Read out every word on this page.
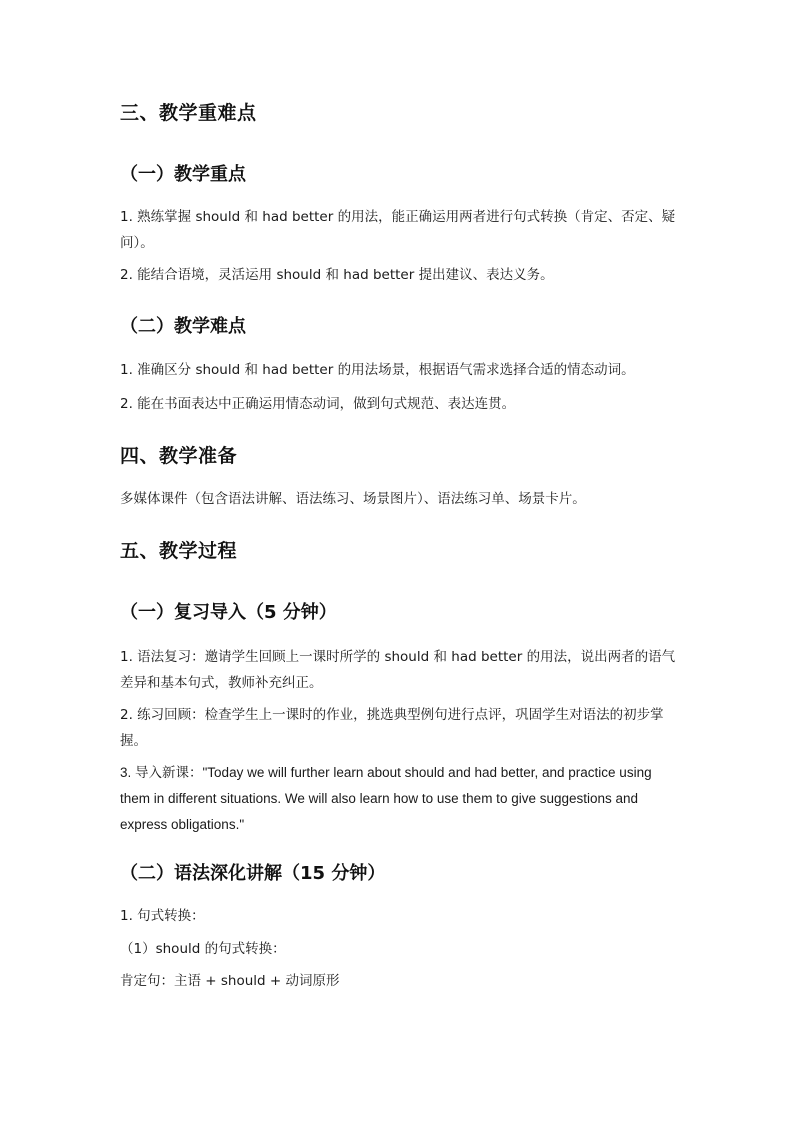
三、教学重难点
（一）教学重点
1. 熟练掌握 should 和 had better 的用法，能正确运用两者进行句式转换（肯定、否定、疑问）。
2. 能结合语境，灵活运用 should 和 had better 提出建议、表达义务。
（二）教学难点
1. 准确区分 should 和 had better 的用法场景，根据语气需求选择合适的情态动词。
2. 能在书面表达中正确运用情态动词，做到句式规范、表达连贯。
四、教学准备
多媒体课件（包含语法讲解、语法练习、场景图片）、语法练习单、场景卡片。
五、教学过程
（一）复习导入（5 分钟）
1. 语法复习：邀请学生回顾上一课时所学的 should 和 had better 的用法，说出两者的语气差异和基本句式，教师补充纠正。
2. 练习回顾：检查学生上一课时的作业，挑选典型例句进行点评，巩固学生对语法的初步掌握。
3. 导入新课："Today we will further learn about should and had better, and practice using them in different situations. We will also learn how to use them to give suggestions and express obligations."
（二）语法深化讲解（15 分钟）
1. 句式转换：
（1）should 的句式转换：
肯定句：主语 + should + 动词原形
